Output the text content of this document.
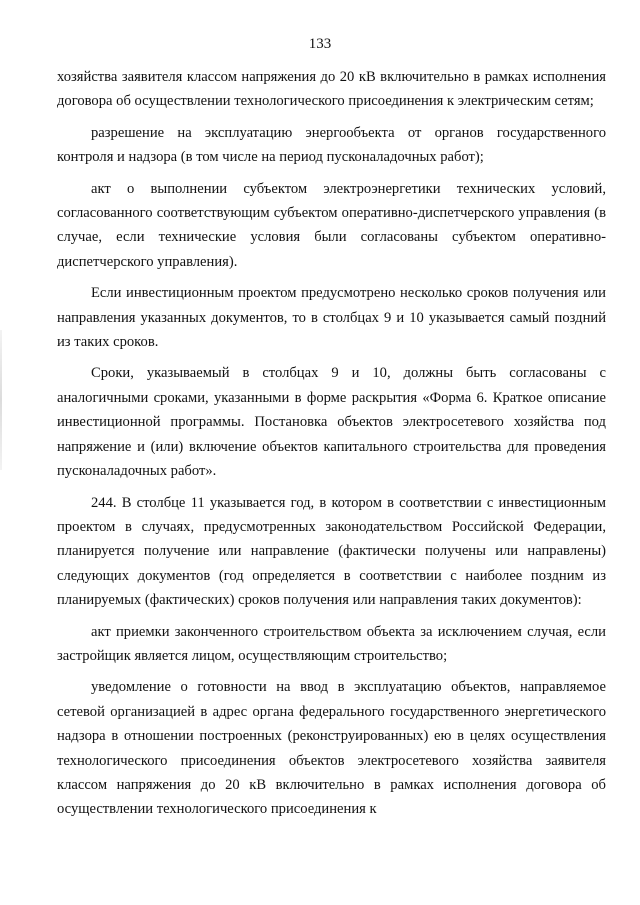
133

хозяйства заявителя классом напряжения до 20 кВ включительно в рамках исполнения договора об осуществлении технологического присоединения к электрическим сетям;

разрешение на эксплуатацию энергообъекта от органов государственного контроля и надзора (в том числе на период пусконаладочных работ);

акт о выполнении субъектом электроэнергетики технических условий, согласованного соответствующим субъектом оперативно-диспетчерского управления (в случае, если технические условия были согласованы субъектом оперативно-диспетчерского управления).

Если инвестиционным проектом предусмотрено несколько сроков получения или направления указанных документов, то в столбцах 9 и 10 указывается самый поздний из таких сроков.

Сроки, указываемый в столбцах 9 и 10, должны быть согласованы с аналогичными сроками, указанными в форме раскрытия «Форма 6. Краткое описание инвестиционной программы. Постановка объектов электросетевого хозяйства под напряжение и (или) включение объектов капитального строительства для проведения пусконаладочных работ».

244. В столбце 11 указывается год, в котором в соответствии с инвестиционным проектом в случаях, предусмотренных законодательством Российской Федерации, планируется получение или направление (фактически получены или направлены) следующих документов (год определяется в соответствии с наиболее поздним из планируемых (фактических) сроков получения или направления таких документов):

акт приемки законченного строительством объекта за исключением случая, если застройщик является лицом, осуществляющим строительство;

уведомление о готовности на ввод в эксплуатацию объектов, направляемое сетевой организацией в адрес органа федерального государственного энергетического надзора в отношении построенных (реконструированных) ею в целях осуществления технологического присоединения объектов электросетевого хозяйства заявителя классом напряжения до 20 кВ включительно в рамках исполнения договора об осуществлении технологического присоединения к
